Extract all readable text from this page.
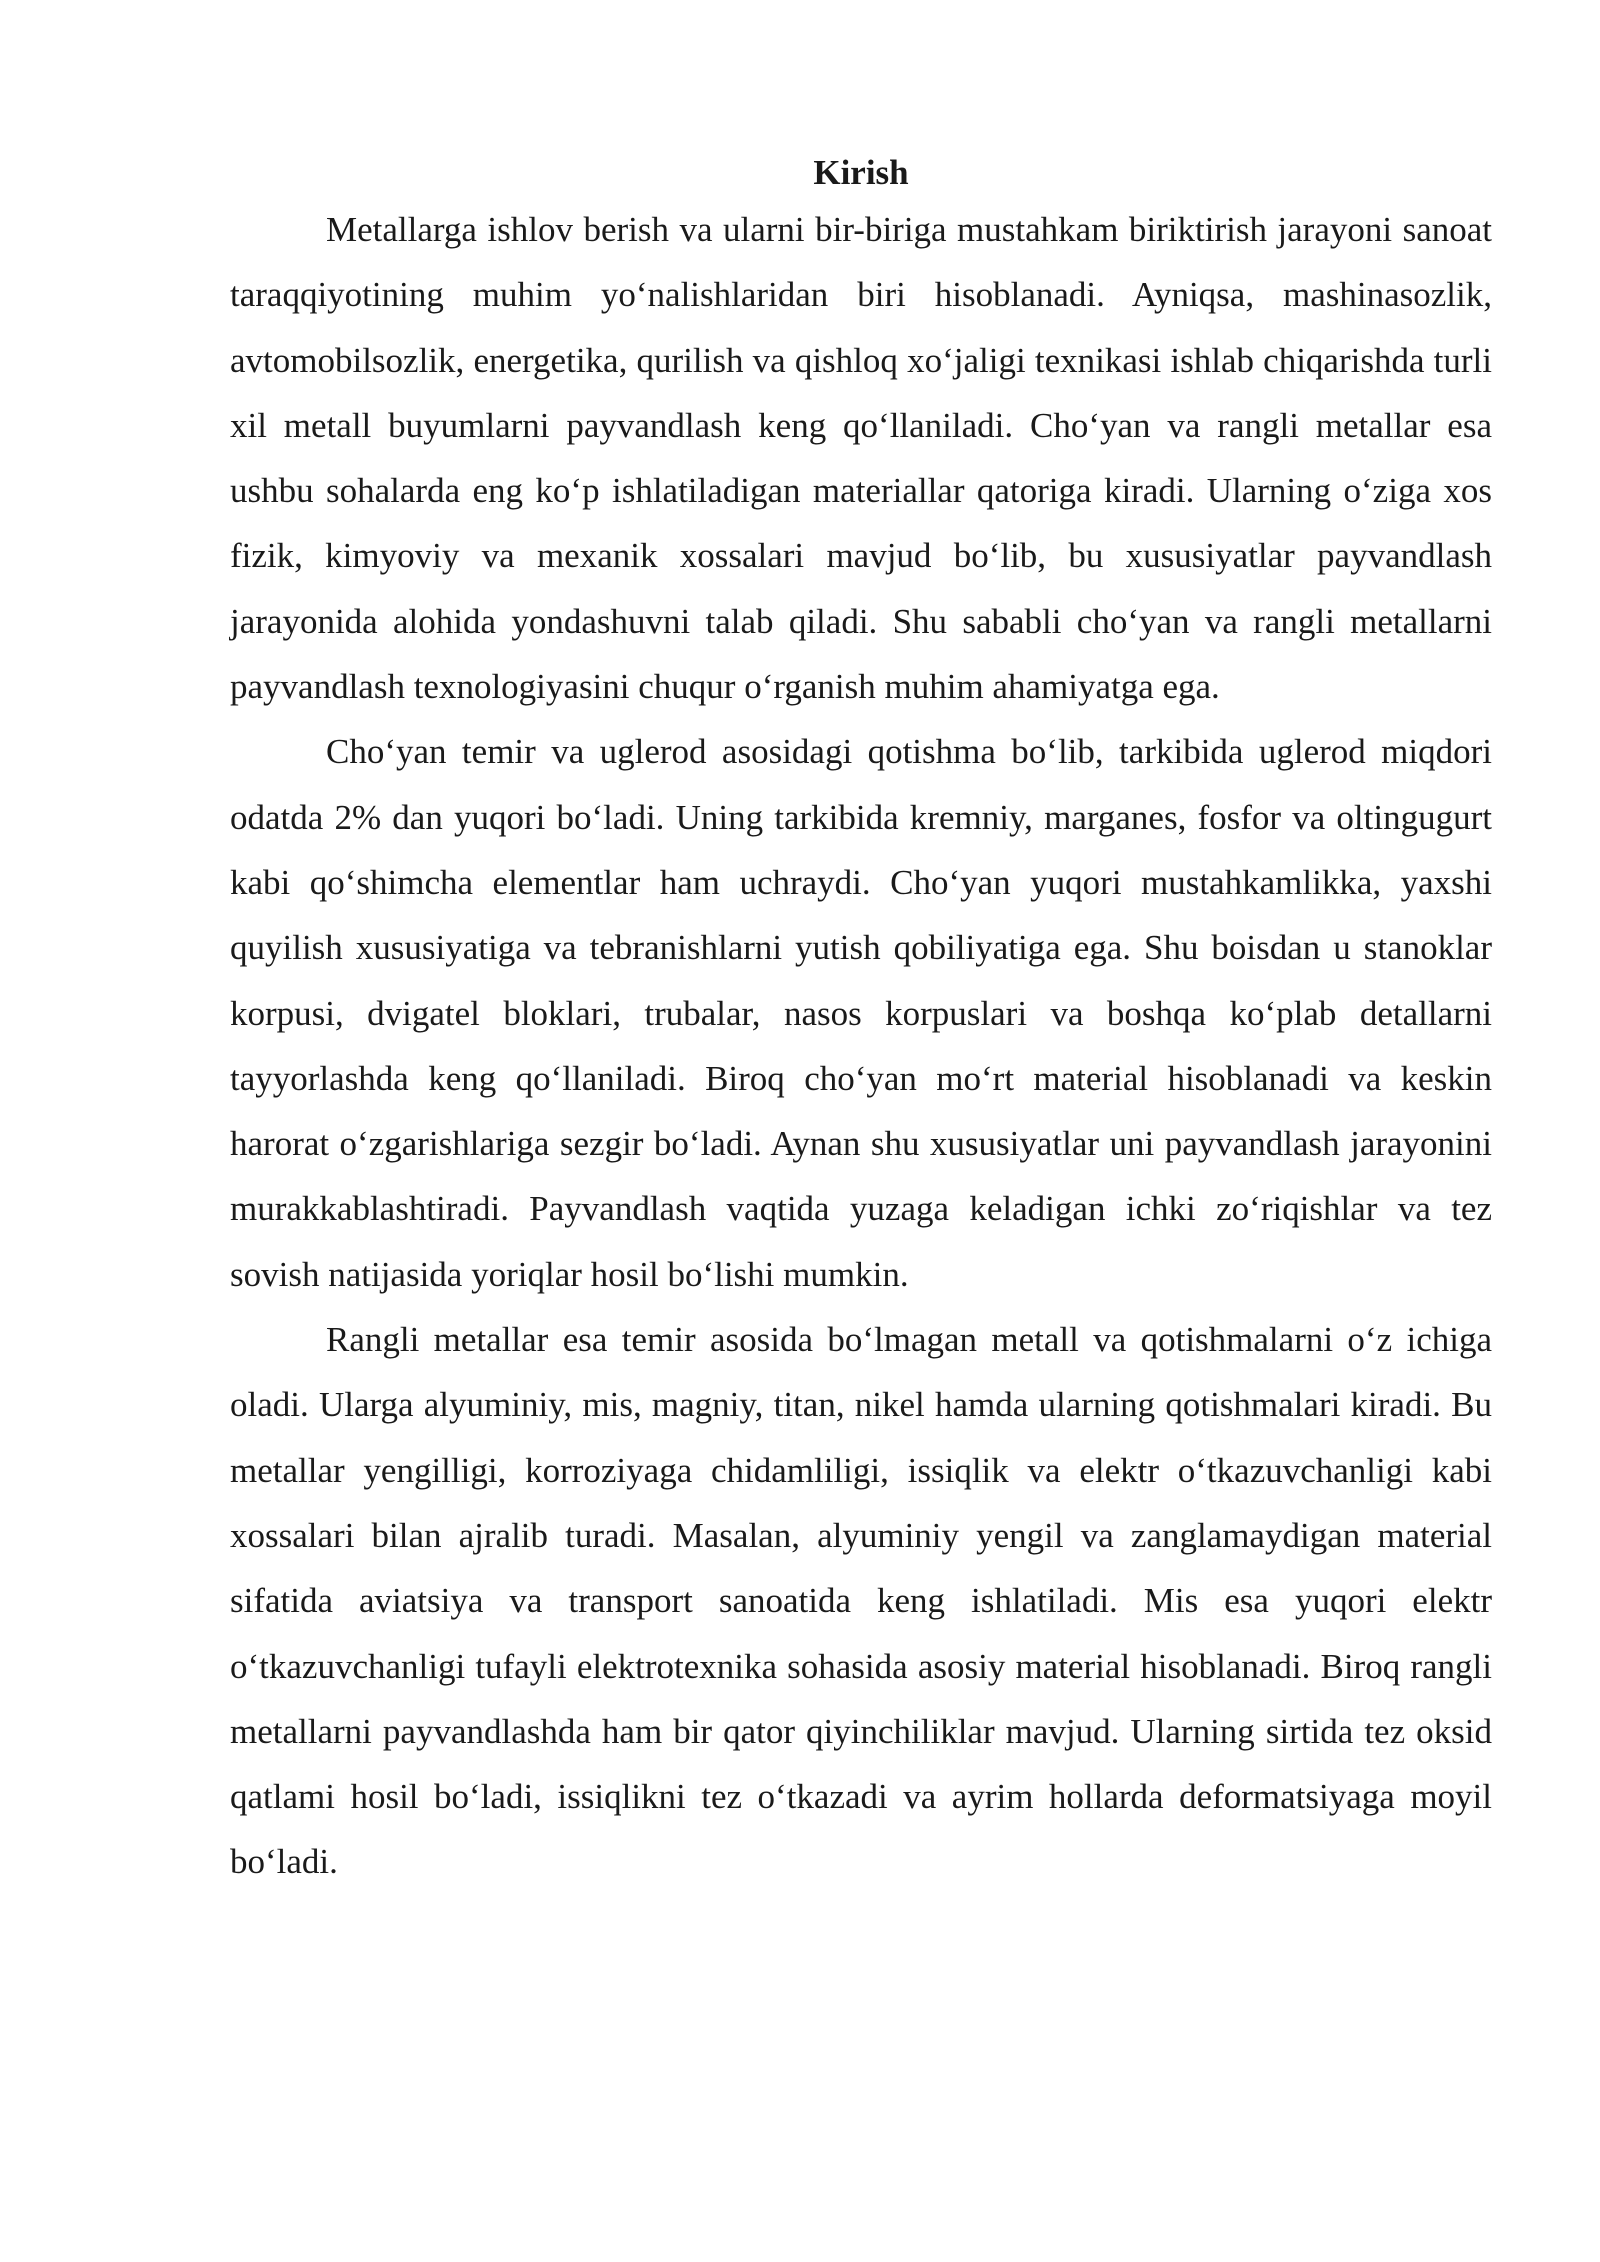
Kirish

Metallarga ishlov berish va ularni bir-biriga mustahkam biriktirish jarayoni sanoat taraqqiyotining muhim yo‘nalishlaridan biri hisoblanadi. Ayniqsa, mashinasozlik, avtomobilsozlik, energetika, qurilish va qishloq xo‘jaligi texnikasi ishlab chiqarishda turli xil metall buyumlarni payvandlash keng qo‘llaniladi. Cho‘yan va rangli metallar esa ushbu sohalarda eng ko‘p ishlatiladigan materiallar qatoriga kiradi. Ularning o‘ziga xos fizik, kimyoviy va mexanik xossalari mavjud bo‘lib, bu xususiyatlar payvandlash jarayonida alohida yondashuvni talab qiladi. Shu sababli cho‘yan va rangli metallarni payvandlash texnologiyasini chuqur o‘rganish muhim ahamiyatga ega.

Cho‘yan temir va uglerod asosidagi qotishma bo‘lib, tarkibida uglerod miqdori odatda 2% dan yuqori bo‘ladi. Uning tarkibida kremniy, marganes, fosfor va oltingugurt kabi qo‘shimcha elementlar ham uchraydi. Cho‘yan yuqori mustahkamlikka, yaxshi quyilish xususiyatiga va tebranishlarni yutish qobiliyatiga ega. Shu boisdan u stanoklar korpusi, dvigatel bloklari, trubalar, nasos korpuslari va boshqa ko‘plab detallarni tayyorlashda keng qo‘llaniladi. Biroq cho‘yan mo‘rt material hisoblanadi va keskin harorat o‘zgarishlariga sezgir bo‘ladi. Aynan shu xususiyatlar uni payvandlash jarayonini murakkablashtiradi. Payvandlash vaqtida yuzaga keladigan ichki zo‘riqishlar va tez sovish natijasida yoriqlar hosil bo‘lishi mumkin.

Rangli metallar esa temir asosida bo‘lmagan metall va qotishmalarni o‘z ichiga oladi. Ularga alyuminiy, mis, magniy, titan, nikel hamda ularning qotishmalari kiradi. Bu metallar yengilligi, korroziyaga chidamliligi, issiqlik va elektr o‘tkazuvchanligi kabi xossalari bilan ajralib turadi. Masalan, alyuminiy yengil va zanglamaydigan material sifatida aviatsiya va transport sanoatida keng ishlatiladi. Mis esa yuqori elektr o‘tkazuvchanligi tufayli elektrotexnika sohasida asosiy material hisoblanadi. Biroq rangli metallarni payvandlashda ham bir qator qiyinchiliklar mavjud. Ularning sirtida tez oksid qatlami hosil bo‘ladi, issiqlikni tez o‘tkazadi va ayrim hollarda deformatsiyaga moyil bo‘ladi.
